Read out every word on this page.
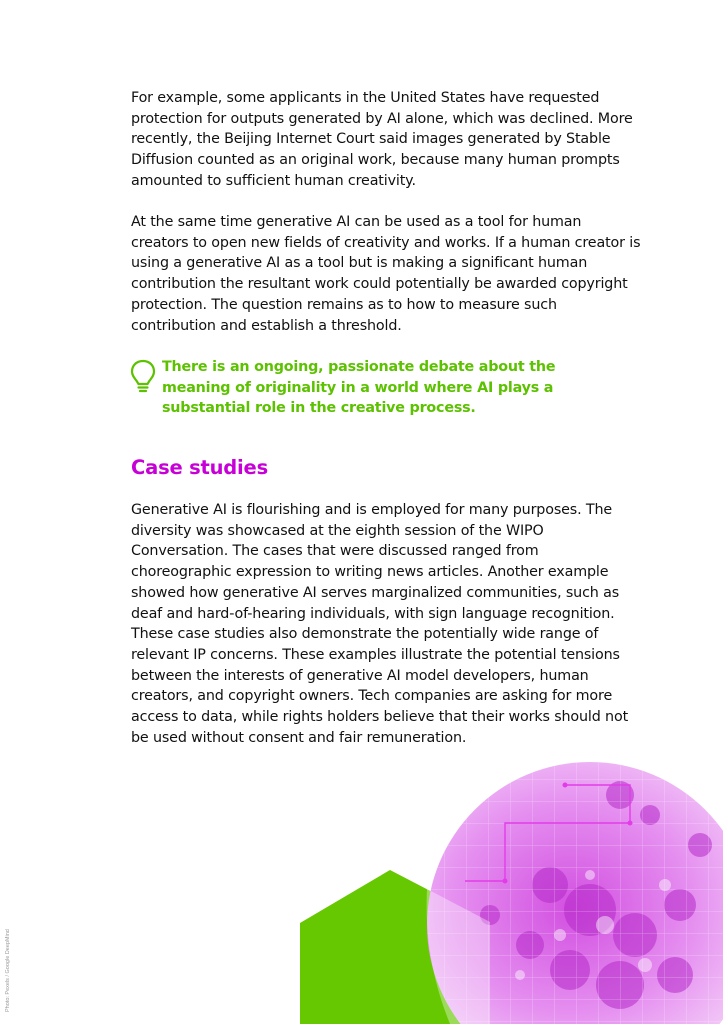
For example, some applicants in the United States have requested protection for outputs generated by AI alone, which was declined. More recently, the Beijing Internet Court said images generated by Stable Diffusion counted as an original work, because many human prompts amounted to sufficient human creativity.

At the same time generative AI can be used as a tool for human creators to open new fields of creativity and works. If a human creator is using a generative AI as a tool but is making a significant human contribution the resultant work could potentially be awarded copyright protection. The question remains as to how to measure such contribution and establish a threshold.

There is an ongoing, passionate debate about the meaning of originality in a world where AI plays a substantial role in the creative process.

Case studies

Generative AI is flourishing and is employed for many purposes. The diversity was showcased at the eighth session of the WIPO Conversation. The cases that were discussed ranged from choreographic expression to writing news articles. Another example showed how generative AI serves marginalized communities, such as deaf and hard-of-hearing individuals, with sign language recognition. These case studies also demonstrate the potentially wide range of relevant IP concerns. These examples illustrate the potential tensions between the interests of generative AI model developers, human creators, and copyright owners. Tech companies are asking for more access to data, while rights holders believe that their works should not be used without consent and fair remuneration.

Photo: Pexels / Google DeepMind
